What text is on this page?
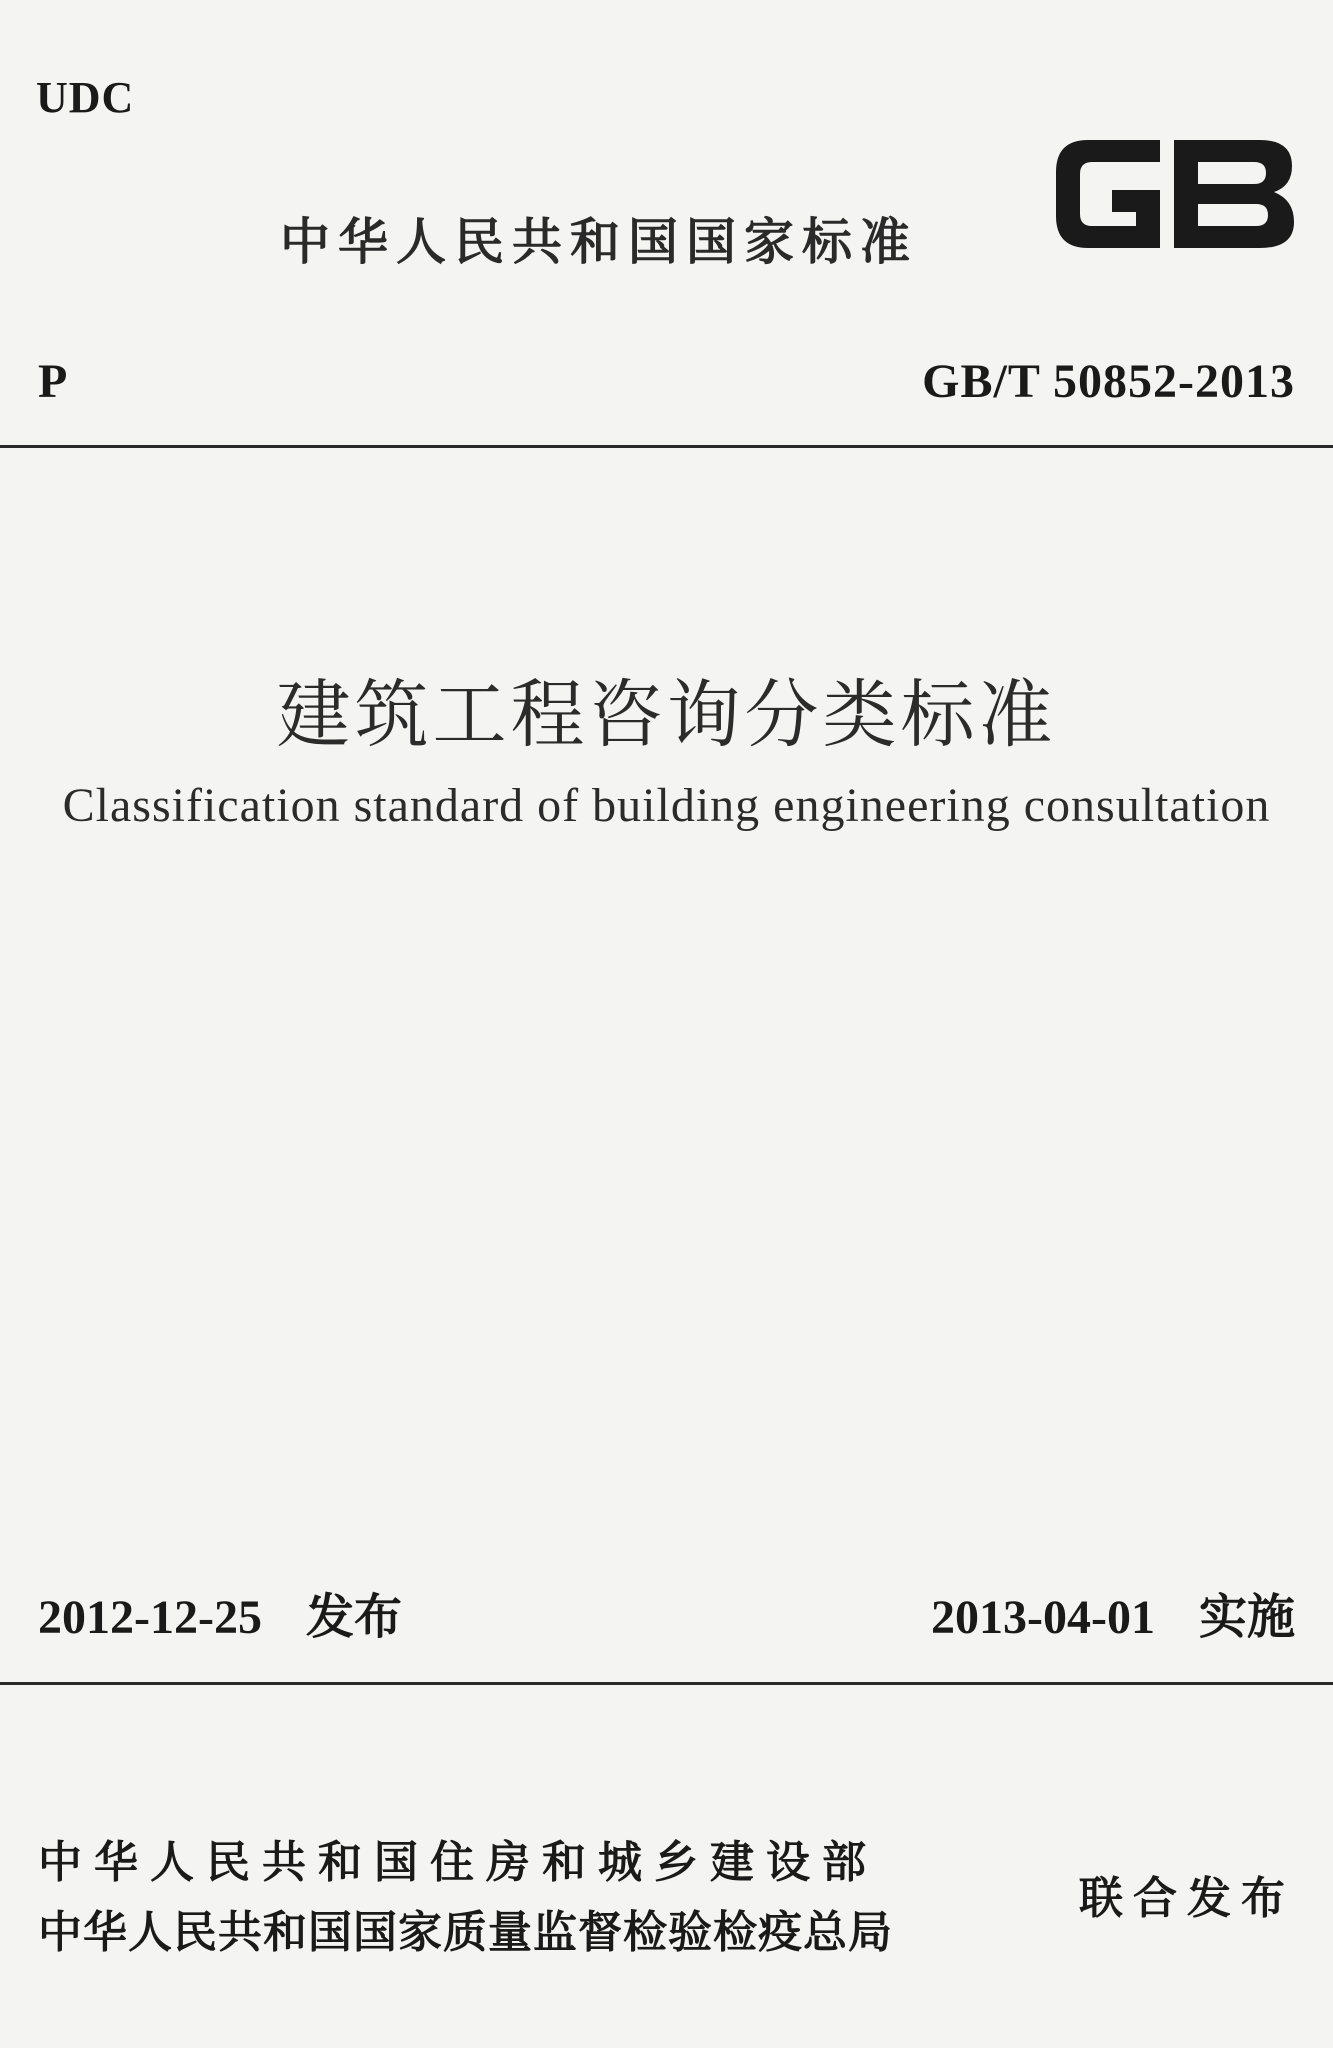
UDC
中华人民共和国国家标准
P	GB/T 50852-2013
建筑工程咨询分类标准
Classification standard of building engineering consultation
2012-12-25 发布	2013-04-01 实施
中华人民共和国住房和城乡建设部
中华人民共和国国家质量监督检验检疫总局
联合发布
